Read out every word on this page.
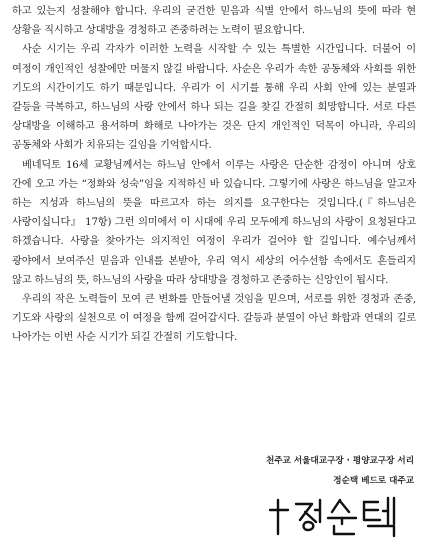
하고 있는지 성찰해야 합니다. 우리의 굳건한 믿음과 식별 안에서 하느님의 뜻에 따라 현 상황을 직시하고 상대방을 경청하고 존중하려는 노력이 필요합니다.

사순 시기는 우리 각자가 이러한 노력을 시작할 수 있는 특별한 시간입니다. 더불어 이 여정이 개인적인 성찰에만 머물지 않길 바랍니다. 사순은 우리가 속한 공동체와 사회를 위한 기도의 시간이기도 하기 때문입니다. 우리가 이 시기를 통해 우리 사회 안에 있는 분열과 갈등을 극복하고, 하느님의 사랑 안에서 하나 되는 길을 찾길 간절히 희망합니다. 서로 다른 상대방을 이해하고 용서하며 화해로 나아가는 것은 단지 개인적인 덕목이 아니라, 우리의 공동체와 사회가 치유되는 길임을 기억합시다.

베네딕토 16세 교황님께서는 하느님 안에서 이루는 사랑은 단순한 감정이 아니며 상호 간에 오고 가는 “정화와 성숙”임을 지적하신 바 있습니다. 그렇기에 사랑은 하느님을 알고자 하는 지성과 하느님의 뜻을 따르고자 하는 의지를 요구한다는 것입니다.(『하느님은 사랑이십니다』 17항) 그런 의미에서 이 시대에 우리 모두에게 하느님의 사랑이 요청된다고 하겠습니다. 사랑을 찾아가는 의지적인 여정이 우리가 걸어야 할 길입니다. 예수님께서 광야에서 보여주신 믿음과 인내를 본받아, 우리 역시 세상의 어수선함 속에서도 흔들리지 않고 하느님의 뜻, 하느님의 사랑을 따라 상대방을 경청하고 존중하는 신앙인이 됩시다.

우리의 작은 노력들이 모여 큰 변화를 만들어낼 것임을 믿으며, 서로를 위한 경청과 존중, 기도와 사랑의 실천으로 이 여정을 함께 걸어갑시다. 갈등과 분열이 아닌 화합과 연대의 길로 나아가는 이번 사순 시기가 되길 간절히 기도합니다.

천주교 서울대교구장 · 평양교구장 서리
정순택 베드로 대주교
